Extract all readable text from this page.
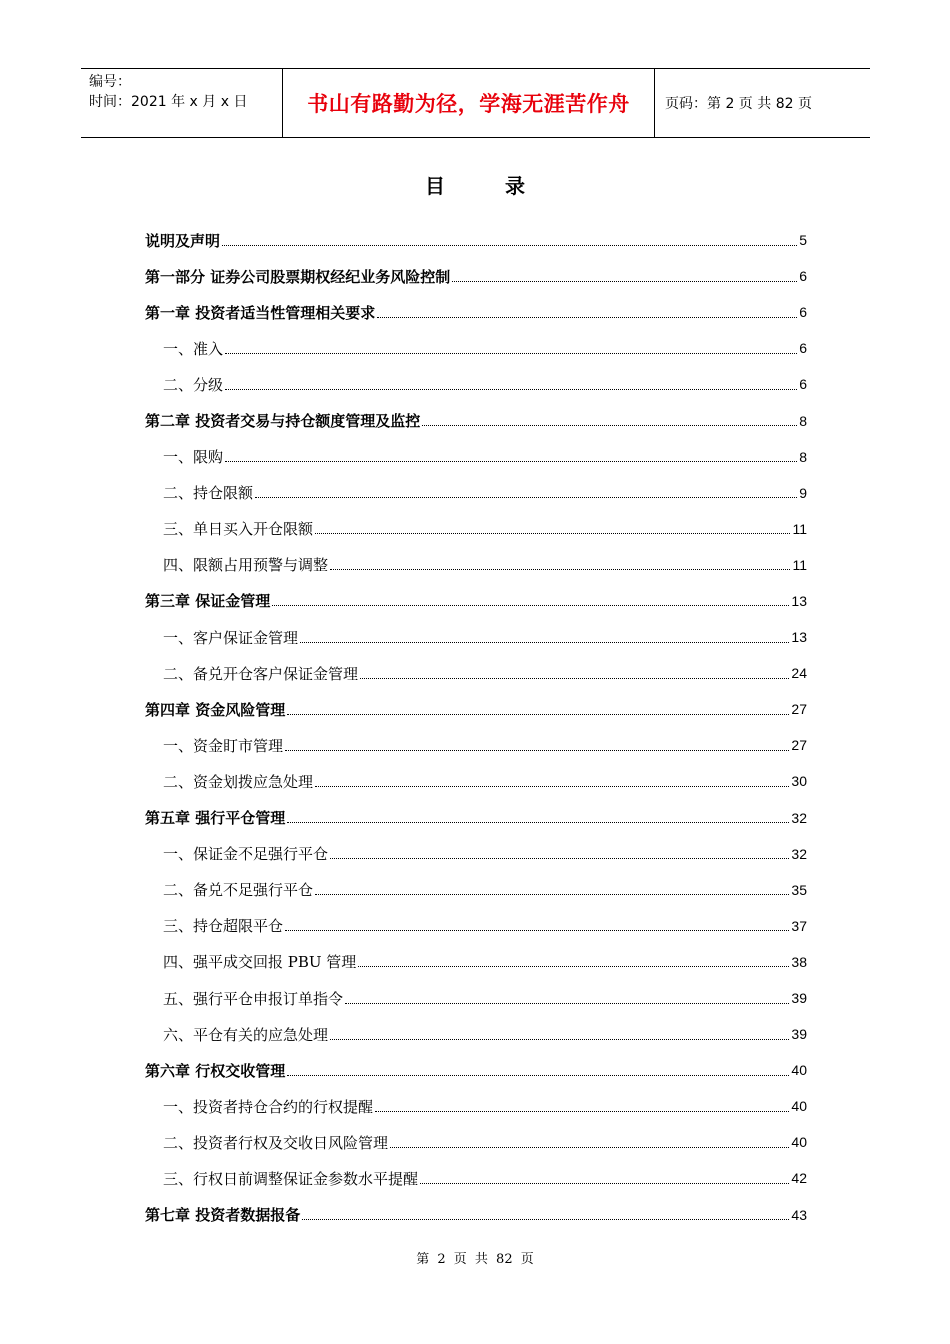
编号：
时间：2021 年 x 月 x 日	书山有路勤为径，学海无涯苦作舟	页码：第 2 页 共 82 页
目录
说明及声明	5
第一部分 证券公司股票期权经纪业务风险控制	6
第一章 投资者适当性管理相关要求	6
一、准入	6
二、分级	6
第二章 投资者交易与持仓额度管理及监控	8
一、限购	8
二、持仓限额	9
三、单日买入开仓限额	11
四、限额占用预警与调整	11
第三章 保证金管理	13
一、客户保证金管理	13
二、备兑开仓客户保证金管理	24
第四章 资金风险管理	27
一、资金盯市管理	27
二、资金划拨应急处理	30
第五章 强行平仓管理	32
一、保证金不足强行平仓	32
二、备兑不足强行平仓	35
三、持仓超限平仓	37
四、强平成交回报 PBU 管理	38
五、强行平仓申报订单指令	39
六、平仓有关的应急处理	39
第六章 行权交收管理	40
一、投资者持仓合约的行权提醒	40
二、投资者行权及交收日风险管理	40
三、行权日前调整保证金参数水平提醒	42
第七章 投资者数据报备	43
第 2 页 共 82 页
